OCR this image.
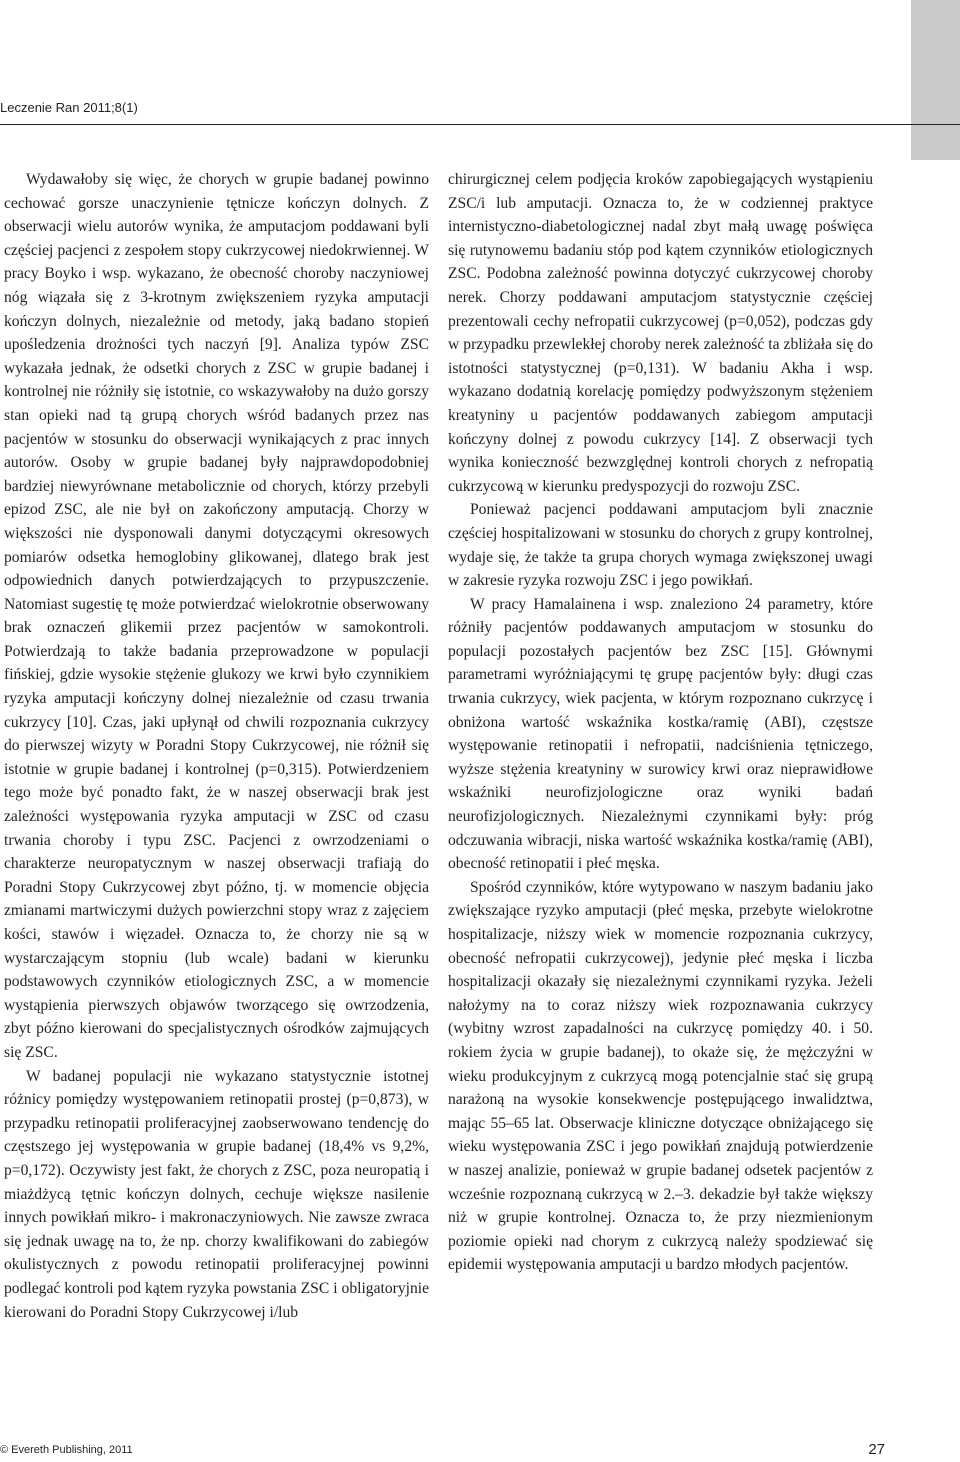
Leczenie Ran 2011;8(1)

Wydawałoby się więc, że chorych w grupie badanej powinno cechować gorsze unaczynienie tętnicze kończyn dolnych. Z obserwacji wielu autorów wynika, że amputacjom poddawani byli częściej pacjenci z zespołem stopy cukrzycowej niedokrwiennej. W pracy Boyko i wsp. wykazano, że obecność choroby naczyniowej nóg wiązała się z 3-krotnym zwiększeniem ryzyka amputacji kończyn dolnych, niezależnie od metody, jaką badano stopień upośledzenia drożności tych naczyń [9]. Analiza typów ZSC wykazała jednak, że odsetki chorych z ZSC w grupie badanej i kontrolnej nie różniły się istotnie, co wskazywałoby na dużo gorszy stan opieki nad tą grupą chorych wśród badanych przez nas pacjentów w stosunku do obserwacji wynikających z prac innych autorów. Osoby w grupie badanej były najprawdopodobniej bardziej niewyrównane metabolicznie od chorych, którzy przebyli epizod ZSC, ale nie był on zakończony amputacją. Chorzy w większości nie dysponowali danymi dotyczącymi okresowych pomiarów odsetka hemoglobiny glikowanej, dlatego brak jest odpowiednich danych potwierdzających to przypuszczenie. Natomiast sugestię tę może potwierdzać wielokrotnie obserwowany brak oznaczeń glikemii przez pacjentów w samokontroli. Potwierdzają to także badania przeprowadzone w populacji fińskiej, gdzie wysokie stężenie glukozy we krwi było czynnikiem ryzyka amputacji kończyny dolnej niezależnie od czasu trwania cukrzycy [10]. Czas, jaki upłynął od chwili rozpoznania cukrzycy do pierwszej wizyty w Poradni Stopy Cukrzycowej, nie różnił się istotnie w grupie badanej i kontrolnej (p=0,315). Potwierdzeniem tego może być ponadto fakt, że w naszej obserwacji brak jest zależności występowania ryzyka amputacji w ZSC od czasu trwania choroby i typu ZSC. Pacjenci z owrzodzeniami o charakterze neuropatycznym w naszej obserwacji trafiają do Poradni Stopy Cukrzycowej zbyt późno, tj. w momencie objęcia zmianami martwiczymi dużych powierzchni stopy wraz z zajęciem kości, stawów i więzadeł. Oznacza to, że chorzy nie są w wystarczającym stopniu (lub wcale) badani w kierunku podstawowych czynników etiologicznych ZSC, a w momencie wystąpienia pierwszych objawów tworzącego się owrzodzenia, zbyt późno kierowani do specjalistycznych ośrodków zajmujących się ZSC.

W badanej populacji nie wykazano statystycznie istotnej różnicy pomiędzy występowaniem retinopatii prostej (p=0,873), w przypadku retinopatii proliferacyjnej zaobserwowano tendencję do częstszego jej występowania w grupie badanej (18,4% vs 9,2%, p=0,172). Oczywisty jest fakt, że chorych z ZSC, poza neuropatią i miażdżycą tętnic kończyn dolnych, cechuje większe nasilenie innych powikłań mikro- i makronaczyniowych. Nie zawsze zwraca się jednak uwagę na to, że np. chorzy kwalifikowani do zabiegów okulistycznych z powodu retinopatii proliferacyjnej powinni podlegać kontroli pod kątem ryzyka powstania ZSC i obligatoryjnie kierowani do Poradni Stopy Cukrzycowej i/lub

chirurgicznej celem podjęcia kroków zapobiegających wystąpieniu ZSC/i lub amputacji. Oznacza to, że w codziennej praktyce internistyczno-diabetologicznej nadal zbyt małą uwagę poświęca się rutynowemu badaniu stóp pod kątem czynników etiologicznych ZSC. Podobna zależność powinna dotyczyć cukrzycowej choroby nerek. Chorzy poddawani amputacjom statystycznie częściej prezentowali cechy nefropatii cukrzycowej (p=0,052), podczas gdy w przypadku przewlekłej choroby nerek zależność ta zbliżała się do istotności statystycznej (p=0,131). W badaniu Akha i wsp. wykazano dodatnią korelację pomiędzy podwyższonym stężeniem kreatyniny u pacjentów poddawanych zabiegom amputacji kończyny dolnej z powodu cukrzycy [14]. Z obserwacji tych wynika konieczność bezwzględnej kontroli chorych z nefropatią cukrzycową w kierunku predyspozycji do rozwoju ZSC.

Ponieważ pacjenci poddawani amputacjom byli znacznie częściej hospitalizowani w stosunku do chorych z grupy kontrolnej, wydaje się, że także ta grupa chorych wymaga zwiększonej uwagi w zakresie ryzyka rozwoju ZSC i jego powikłań.

W pracy Hamalainena i wsp. znaleziono 24 parametry, które różniły pacjentów poddawanych amputacjom w stosunku do populacji pozostałych pacjentów bez ZSC [15]. Głównymi parametrami wyróżniającymi tę grupę pacjentów były: długi czas trwania cukrzycy, wiek pacjenta, w którym rozpoznano cukrzycę i obniżona wartość wskaźnika kostka/ramię (ABI), częstsze występowanie retinopatii i nefropatii, nadciśnienia tętniczego, wyższe stężenia kreatyniny w surowicy krwi oraz nieprawidłowe wskaźniki neurofizjologiczne oraz wyniki badań neurofizjologicznych. Niezależnymi czynnikami były: próg odczuwania wibracji, niska wartość wskaźnika kostka/ramię (ABI), obecność retinopatii i płeć męska.

Spośród czynników, które wytypowano w naszym badaniu jako zwiększające ryzyko amputacji (płeć męska, przebyte wielokrotne hospitalizacje, niższy wiek w momencie rozpoznania cukrzycy, obecność nefropatii cukrzycowej), jedynie płeć męska i liczba hospitalizacji okazały się niezależnymi czynnikami ryzyka. Jeżeli nałożymy na to coraz niższy wiek rozpoznawania cukrzycy (wybitny wzrost zapadalności na cukrzycę pomiędzy 40. i 50. rokiem życia w grupie badanej), to okaże się, że mężczyźni w wieku produkcyjnym z cukrzycą mogą potencjalnie stać się grupą narażoną na wysokie konsekwencje postępującego inwalidztwa, mając 55–65 lat. Obserwacje kliniczne dotyczące obniżającego się wieku występowania ZSC i jego powikłań znajdują potwierdzenie w naszej analizie, ponieważ w grupie badanej odsetek pacjentów z wcześnie rozpoznaną cukrzycą w 2.–3. dekadzie był także większy niż w grupie kontrolnej. Oznacza to, że przy niezmienionym poziomie opieki nad chorym z cukrzycą należy spodziewać się epidemii występowania amputacji u bardzo młodych pacjentów.

© Evereth Publishing, 2011	27
